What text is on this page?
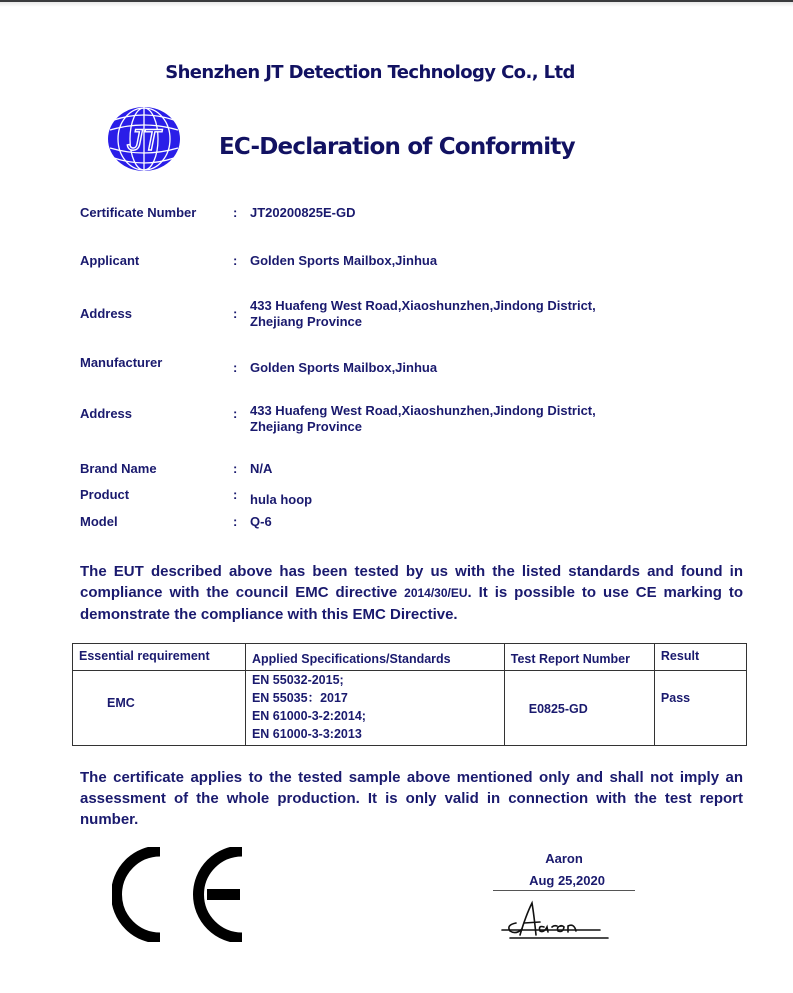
Shenzhen JT Detection Technology Co., Ltd
JT	EC-Declaration of Conformity
Certificate Number	: JT20200825E-GD
Applicant	: Golden Sports Mailbox,Jinhua
Address	:
433 Huafeng West Road,Xiaoshunzhen,Jindong District,
Zhejiang Province
Manufacturer	: Golden Sports Mailbox,Jinhua
Address	: 433 Huafeng West Road,Xiaoshunzhen,Jindong District,
Zhejiang Province
Brand Name	: N/A
Product	: hula hoop
Model	: Q-6
The EUT described above has been tested by us with the listed standards and found in compliance with the council EMC directive 2014/30/EU. It is possible to use CE marking to demonstrate the compliance with this EMC Directive.
Essential requirement	Applied Specifications/Standards	Test Report Number	Result

EMC	EN 55032-2015;
EN 55035：2017
EN 61000-3-2:2014;
EN 61000-3-3:2013	E0825-GD	Pass
The certificate applies to the tested sample above mentioned only and shall not imply an assessment of the whole production. It is only valid in connection with the test report number.
Aaron
Aug 25,2020
